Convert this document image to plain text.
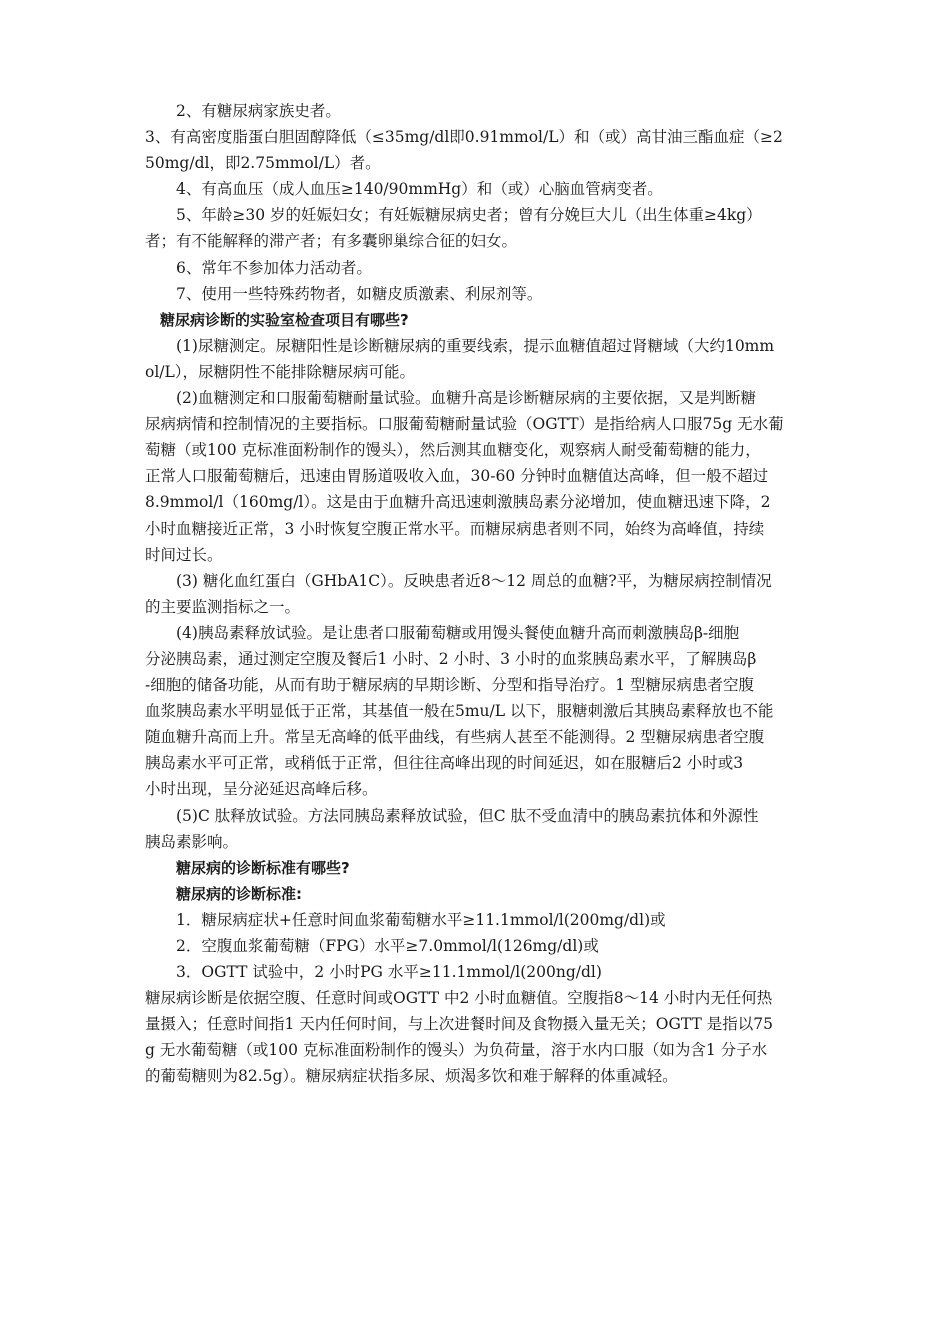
2、有糖尿病家族史者。
3、有高密度脂蛋白胆固醇降低（≤35mg/dl即0.91mmol/L）和（或）高甘油三酯血症（≥2
50mg/dl，即2.75mmol/L）者。
4、有高血压（成人血压≥140/90mmHg）和（或）心脑血管病变者。
5、年龄≥30 岁的妊娠妇女；有妊娠糖尿病史者；曾有分娩巨大儿（出生体重≥4kg）
者；有不能解释的滞产者；有多囊卵巢综合征的妇女。
6、常年不参加体力活动者。
7、使用一些特殊药物者，如糖皮质激素、利尿剂等。
糖尿病诊断的实验室检查项目有哪些?
(1)尿糖测定。尿糖阳性是诊断糖尿病的重要线索，提示血糖值超过肾糖域（大约10mm
ol/L），尿糖阴性不能排除糖尿病可能。
(2)血糖测定和口服葡萄糖耐量试验。血糖升高是诊断糖尿病的主要依据，又是判断糖
尿病病情和控制情况的主要指标。口服葡萄糖耐量试验（OGTT）是指给病人口服75g 无水葡
萄糖（或100 克标准面粉制作的馒头），然后测其血糖变化，观察病人耐受葡萄糖的能力，
正常人口服葡萄糖后，迅速由胃肠道吸收入血，30-60 分钟时血糖值达高峰，但一般不超过
8.9mmol/l（160mg/l）。这是由于血糖升高迅速刺激胰岛素分泌增加，使血糖迅速下降，2
小时血糖接近正常，3 小时恢复空腹正常水平。而糖尿病患者则不同，始终为高峰值，持续
时间过长。
(3) 糖化血红蛋白（GHbA1C）。反映患者近8～12 周总的血糖?平，为糖尿病控制情况
的主要监测指标之一。
(4)胰岛素释放试验。是让患者口服葡萄糖或用馒头餐使血糖升高而刺激胰岛β-细胞
分泌胰岛素，通过测定空腹及餐后1 小时、2 小时、3 小时的血浆胰岛素水平，了解胰岛β
-细胞的储备功能，从而有助于糖尿病的早期诊断、分型和指导治疗。1 型糖尿病患者空腹
血浆胰岛素水平明显低于正常，其基值一般在5mu/L 以下，服糖刺激后其胰岛素释放也不能
随血糖升高而上升。常呈无高峰的低平曲线，有些病人甚至不能测得。2 型糖尿病患者空腹
胰岛素水平可正常，或稍低于正常，但往往高峰出现的时间延迟，如在服糖后2 小时或3
小时出现，呈分泌延迟高峰后移。
(5)C 肽释放试验。方法同胰岛素释放试验，但C 肽不受血清中的胰岛素抗体和外源性
胰岛素影响。
糖尿病的诊断标准有哪些?
糖尿病的诊断标准:
1．糖尿病症状+任意时间血浆葡萄糖水平≥11.1mmol/l(200mg/dl)或
2．空腹血浆葡萄糖（FPG）水平≥7.0mmol/l(126mg/dl)或
3．OGTT 试验中，2 小时PG 水平≥11.1mmol/l(200ng/dl)
糖尿病诊断是依据空腹、任意时间或OGTT 中2 小时血糖值。空腹指8～14 小时内无任何热
量摄入；任意时间指1 天内任何时间，与上次进餐时间及食物摄入量无关；OGTT 是指以75
g 无水葡萄糖（或100 克标准面粉制作的馒头）为负荷量，溶于水内口服（如为含1 分子水
的葡萄糖则为82.5g）。糖尿病症状指多尿、烦渴多饮和难于解释的体重减轻。
